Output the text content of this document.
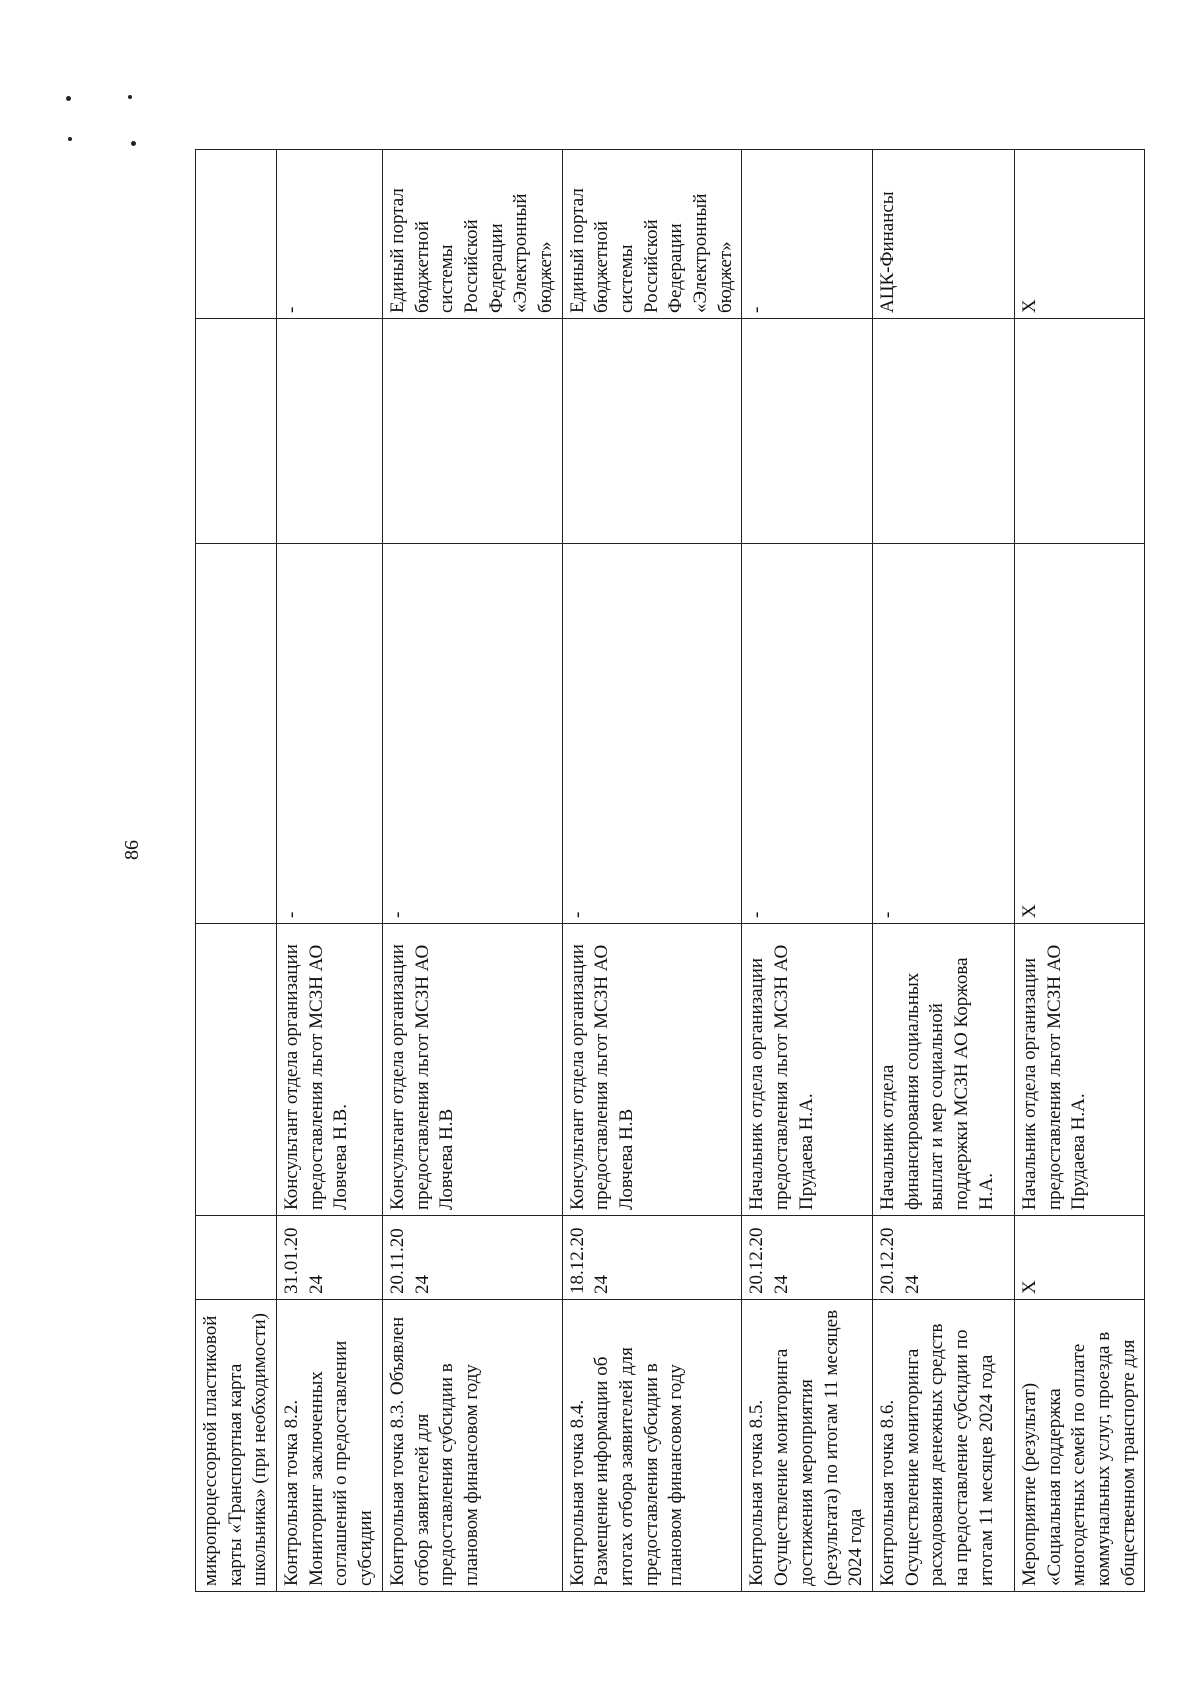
86
микропроцессорной пластиковой карты «Транспортная карта школьника» (при необходимости)					
Контрольная точка 8.2. Мониторинг заключенных соглашений о предоставлении субсидии	31.01.2024	Консультант отдела организации предоставления льгот МСЗН АО Ловчева Н.В.	-		-
Контрольная точка 8.3. Объявлен отбор заявителей для предоставления субсидии в плановом финансовом году	20.11.2024	Консультант отдела организации предоставления льгот МСЗН АО Ловчева Н.В	-		Единый портал бюджетной системы Российской Федерации «Электронный бюджет»
Контрольная точка 8.4. Размещение информации об итогах отбора заявителей для предоставления субсидии в плановом финансовом году	18.12.2024	Консультант отдела организации предоставления льгот МСЗН АО Ловчева Н.В	-		Единый портал бюджетной системы Российской Федерации «Электронный бюджет»
Контрольная точка 8.5. Осуществление мониторинга достижения мероприятия (результата) по итогам 11 месяцев 2024 года	20.12.2024	Начальник отдела организации предоставления льгот МСЗН АО Прудаева Н.А.	-		-
Контрольная точка 8.6. Осуществление мониторинга расходования денежных средств на предоставление субсидии по итогам 11 месяцев 2024 года	20.12.2024	Начальник отдела финансирования социальных выплат и мер социальной поддержки МСЗН АО Коржова Н.А.	-		АЦК-Финансы
Мероприятие (результат) «Социальная поддержка многодетных семей по оплате коммунальных услуг, проезда в общественном транспорте для	Х	Начальник отдела организации предоставления льгот МСЗН АО Прудаева Н.А.	Х		Х
